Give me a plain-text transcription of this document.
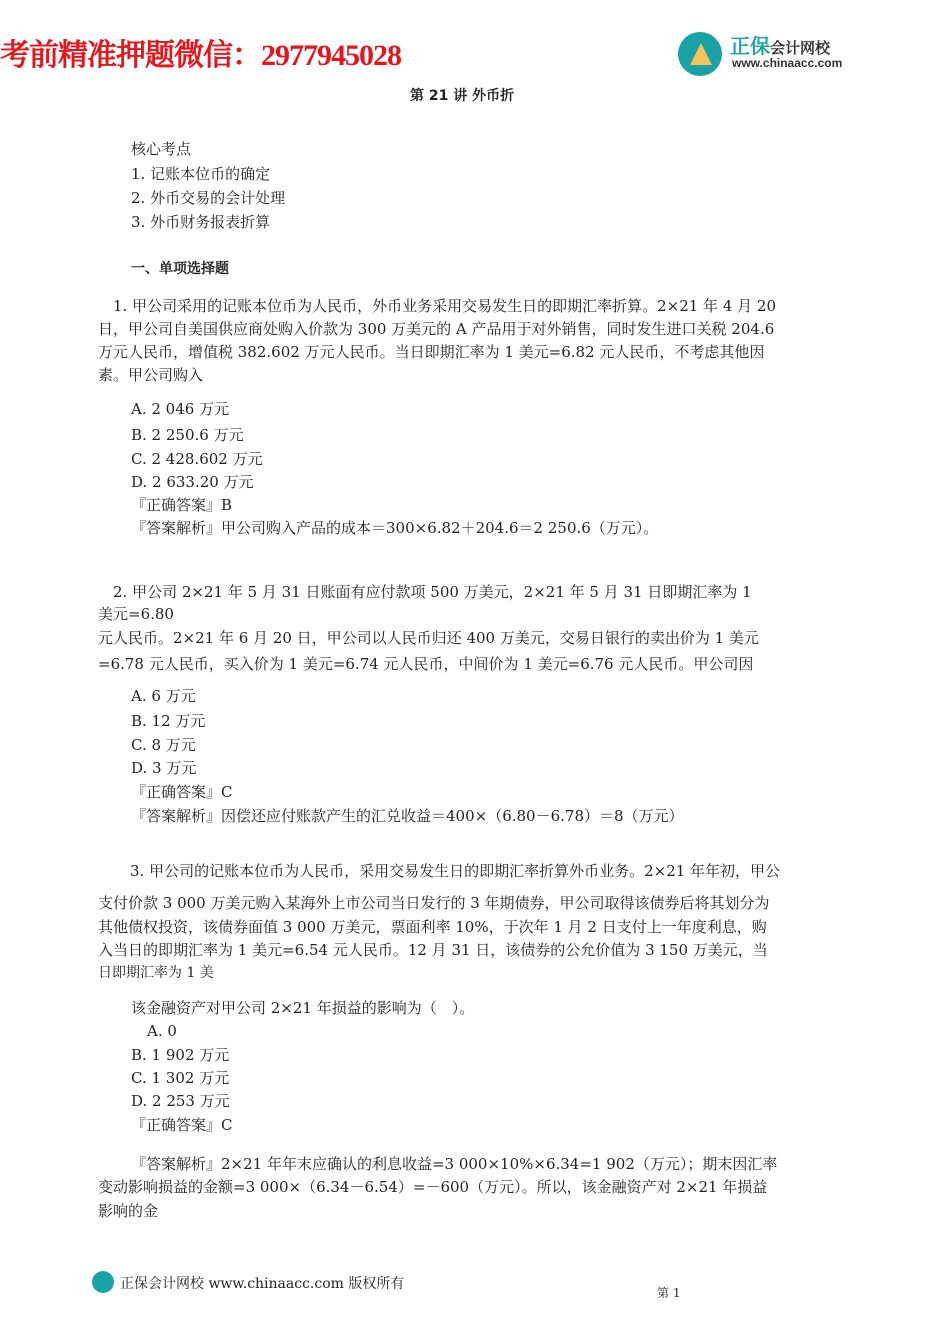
考前精准押题微信：2977945028	正保会计网校
www.chinaacc.com
第 21 讲 外币折
核心考点
1. 记账本位币的确定
2. 外币交易的会计处理
3. 外币财务报表折算
一、单项选择题
1. 甲公司采用的记账本位币为人民币，外币业务采用交易发生日的即期汇率折算。2×21 年 4 月 20
日，甲公司自美国供应商处购入价款为 300 万美元的 A 产品用于对外销售，同时发生进口关税 204.6
万元人民币，增值税 382.602 万元人民币。当日即期汇率为 1 美元=6.82 元人民币，不考虑其他因
素。甲公司购入
A. 2 046 万元
B. 2 250.6 万元
C. 2 428.602 万元
D. 2 633.20 万元
『正确答案』B
『答案解析』甲公司购入产品的成本＝300×6.82＋204.6＝2 250.6（万元）。
2. 甲公司 2×21 年 5 月 31 日账面有应付款项 500 万美元，2×21 年 5 月 31 日即期汇率为 1
美元=6.80
元人民币。2×21 年 6 月 20 日，甲公司以人民币归还 400 万美元，交易日银行的卖出价为 1 美元
=6.78 元人民币，买入价为 1 美元=6.74 元人民币，中间价为 1 美元=6.76 元人民币。甲公司因
A. 6 万元
B. 12 万元
C. 8 万元
D. 3 万元
『正确答案』C
『答案解析』因偿还应付账款产生的汇兑收益＝400×（6.80－6.78）＝8（万元）
3. 甲公司的记账本位币为人民币，采用交易发生日的即期汇率折算外币业务。2×21 年年初，甲公
支付价款 3 000 万美元购入某海外上市公司当日发行的 3 年期债券，甲公司取得该债券后将其划分为
其他债权投资，该债券面值 3 000 万美元，票面利率 10%，于次年 1 月 2 日支付上一年度利息，购
入当日的即期汇率为 1 美元=6.54 元人民币。12 月 31 日，该债券的公允价值为 3 150 万美元，当
日即期汇率为 1 美
该金融资产对甲公司 2×21 年损益的影响为（　）。
A. 0
B. 1 902 万元
C. 1 302 万元
D. 2 253 万元
『正确答案』C
『答案解析』2×21 年年末应确认的利息收益=3 000×10%×6.34=1 902（万元）；期末因汇率
变动影响损益的金额=3 000×（6.34－6.54）=－600（万元）。所以，该金融资产对 2×21 年损益
影响的金
正保会计网校 www.chinaacc.com 版权所有
第 1
